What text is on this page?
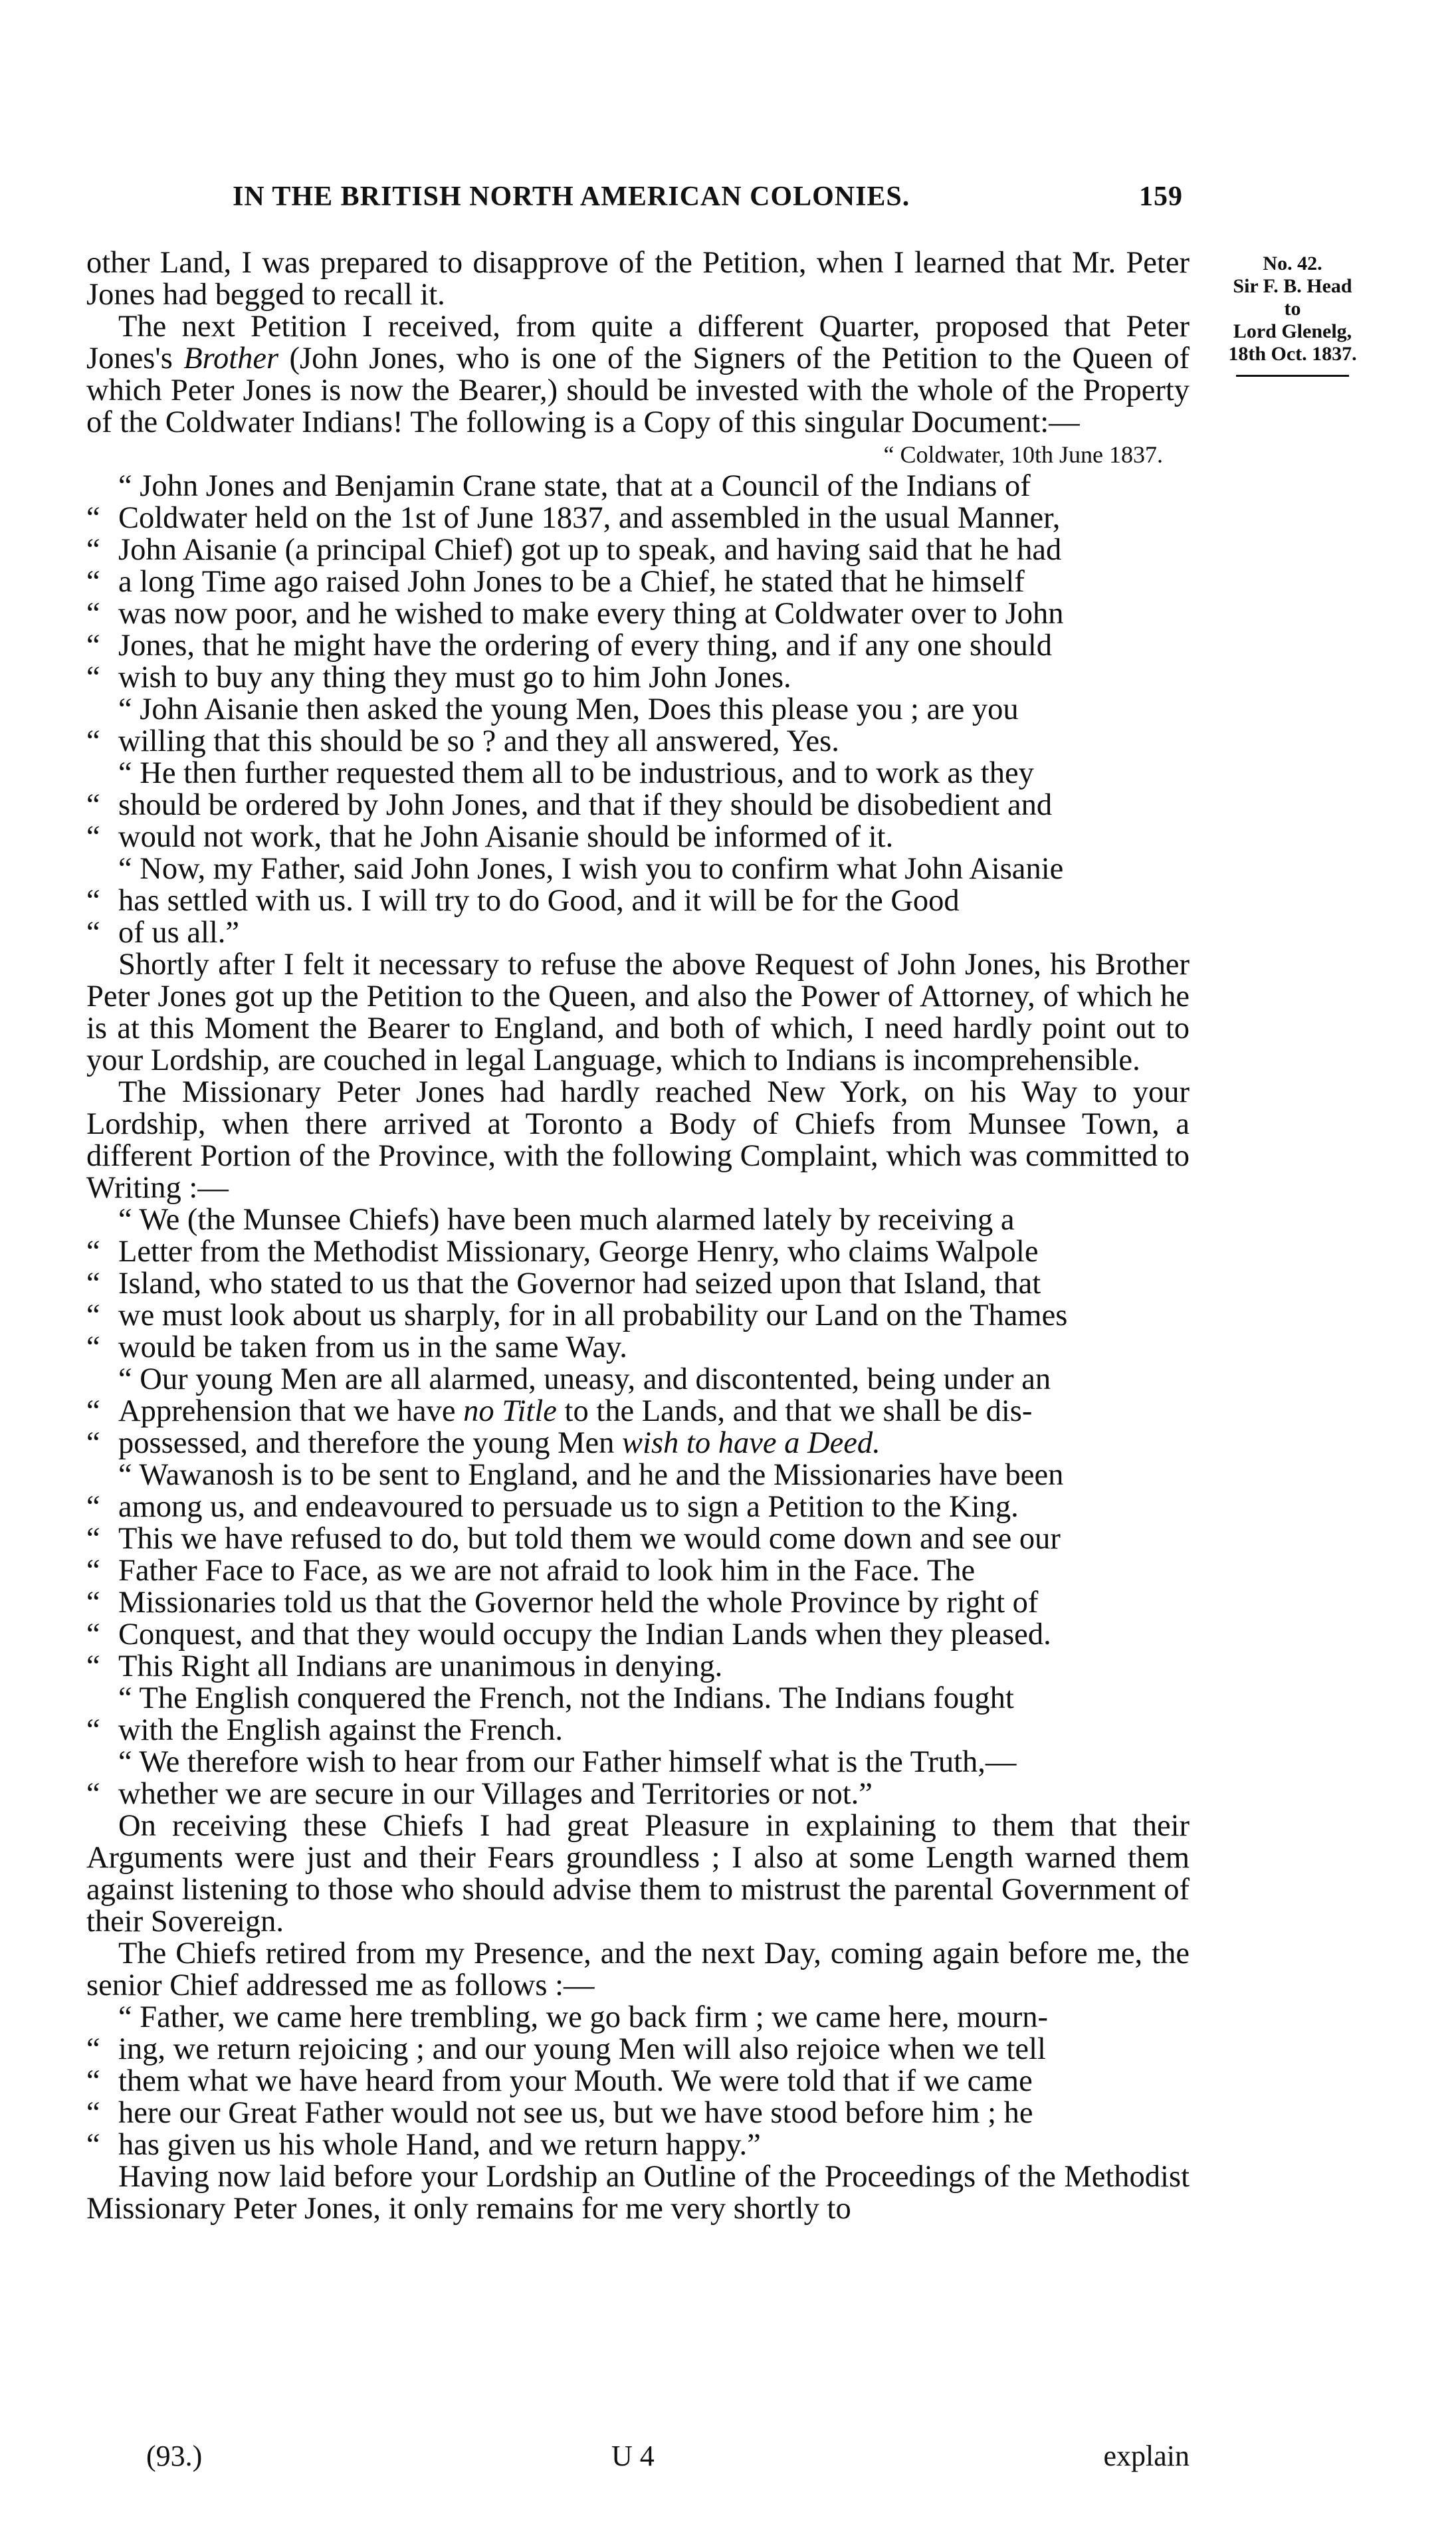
IN THE BRITISH NORTH AMERICAN COLONIES.	159
No. 42.
Sir F. B. Head
to
Lord Glenelg,
18th Oct. 1837.

other Land, I was prepared to disapprove of the Petition, when I learned that Mr. Peter Jones had begged to recall it.

The next Petition I received, from quite a different Quarter, proposed that Peter Jones's Brother (John Jones, who is one of the Signers of the Petition to the Queen of which Peter Jones is now the Bearer,) should be invested with the whole of the Property of the Coldwater Indians! The following is a Copy of this singular Document:—

“ Coldwater, 10th June 1837.

“ John Jones and Benjamin Crane state, that at a Council of the Indians of
“ Coldwater held on the 1st of June 1837, and assembled in the usual Manner,
“ John Aisanie (a principal Chief) got up to speak, and having said that he had
“ a long Time ago raised John Jones to be a Chief, he stated that he himself
“ was now poor, and he wished to make every thing at Coldwater over to John
“ Jones, that he might have the ordering of every thing, and if any one should
“ wish to buy any thing they must go to him John Jones.
“ John Aisanie then asked the young Men, Does this please you ; are you
“ willing that this should be so ? and they all answered, Yes.
“ He then further requested them all to be industrious, and to work as they
“ should be ordered by John Jones, and that if they should be disobedient and
“ would not work, that he John Aisanie should be informed of it.
“ Now, my Father, said John Jones, I wish you to confirm what John Aisanie
“ has settled with us. I will try to do Good, and it will be for the Good
“ of us all.”

Shortly after I felt it necessary to refuse the above Request of John Jones, his Brother Peter Jones got up the Petition to the Queen, and also the Power of Attorney, of which he is at this Moment the Bearer to England, and both of which, I need hardly point out to your Lordship, are couched in legal Language, which to Indians is incomprehensible.

The Missionary Peter Jones had hardly reached New York, on his Way to your Lordship, when there arrived at Toronto a Body of Chiefs from Munsee Town, a different Portion of the Province, with the following Complaint, which was committed to Writing :—

“ We (the Munsee Chiefs) have been much alarmed lately by receiving a
“ Letter from the Methodist Missionary, George Henry, who claims Walpole
“ Island, who stated to us that the Governor had seized upon that Island, that
“ we must look about us sharply, for in all probability our Land on the Thames
“ would be taken from us in the same Way.
“ Our young Men are all alarmed, uneasy, and discontented, being under an
“ Apprehension that we have no Title to the Lands, and that we shall be dis-
“ possessed, and therefore the young Men wish to have a Deed.
“ Wawanosh is to be sent to England, and he and the Missionaries have been
“ among us, and endeavoured to persuade us to sign a Petition to the King.
“ This we have refused to do, but told them we would come down and see our
“ Father Face to Face, as we are not afraid to look him in the Face. The
“ Missionaries told us that the Governor held the whole Province by right of
“ Conquest, and that they would occupy the Indian Lands when they pleased.
“ This Right all Indians are unanimous in denying.
“ The English conquered the French, not the Indians. The Indians fought
“ with the English against the French.
“ We therefore wish to hear from our Father himself what is the Truth,—
“ whether we are secure in our Villages and Territories or not.”

On receiving these Chiefs I had great Pleasure in explaining to them that their Arguments were just and their Fears groundless ; I also at some Length warned them against listening to those who should advise them to mistrust the parental Government of their Sovereign.

The Chiefs retired from my Presence, and the next Day, coming again before me, the senior Chief addressed me as follows :—

“ Father, we came here trembling, we go back firm ; we came here, mourn-
“ ing, we return rejoicing ; and our young Men will also rejoice when we tell
“ them what we have heard from your Mouth. We were told that if we came
“ here our Great Father would not see us, but we have stood before him ; he
“ has given us his whole Hand, and we return happy.”

Having now laid before your Lordship an Outline of the Proceedings of the Methodist Missionary Peter Jones, it only remains for me very shortly to

(93.)	U 4	explain
